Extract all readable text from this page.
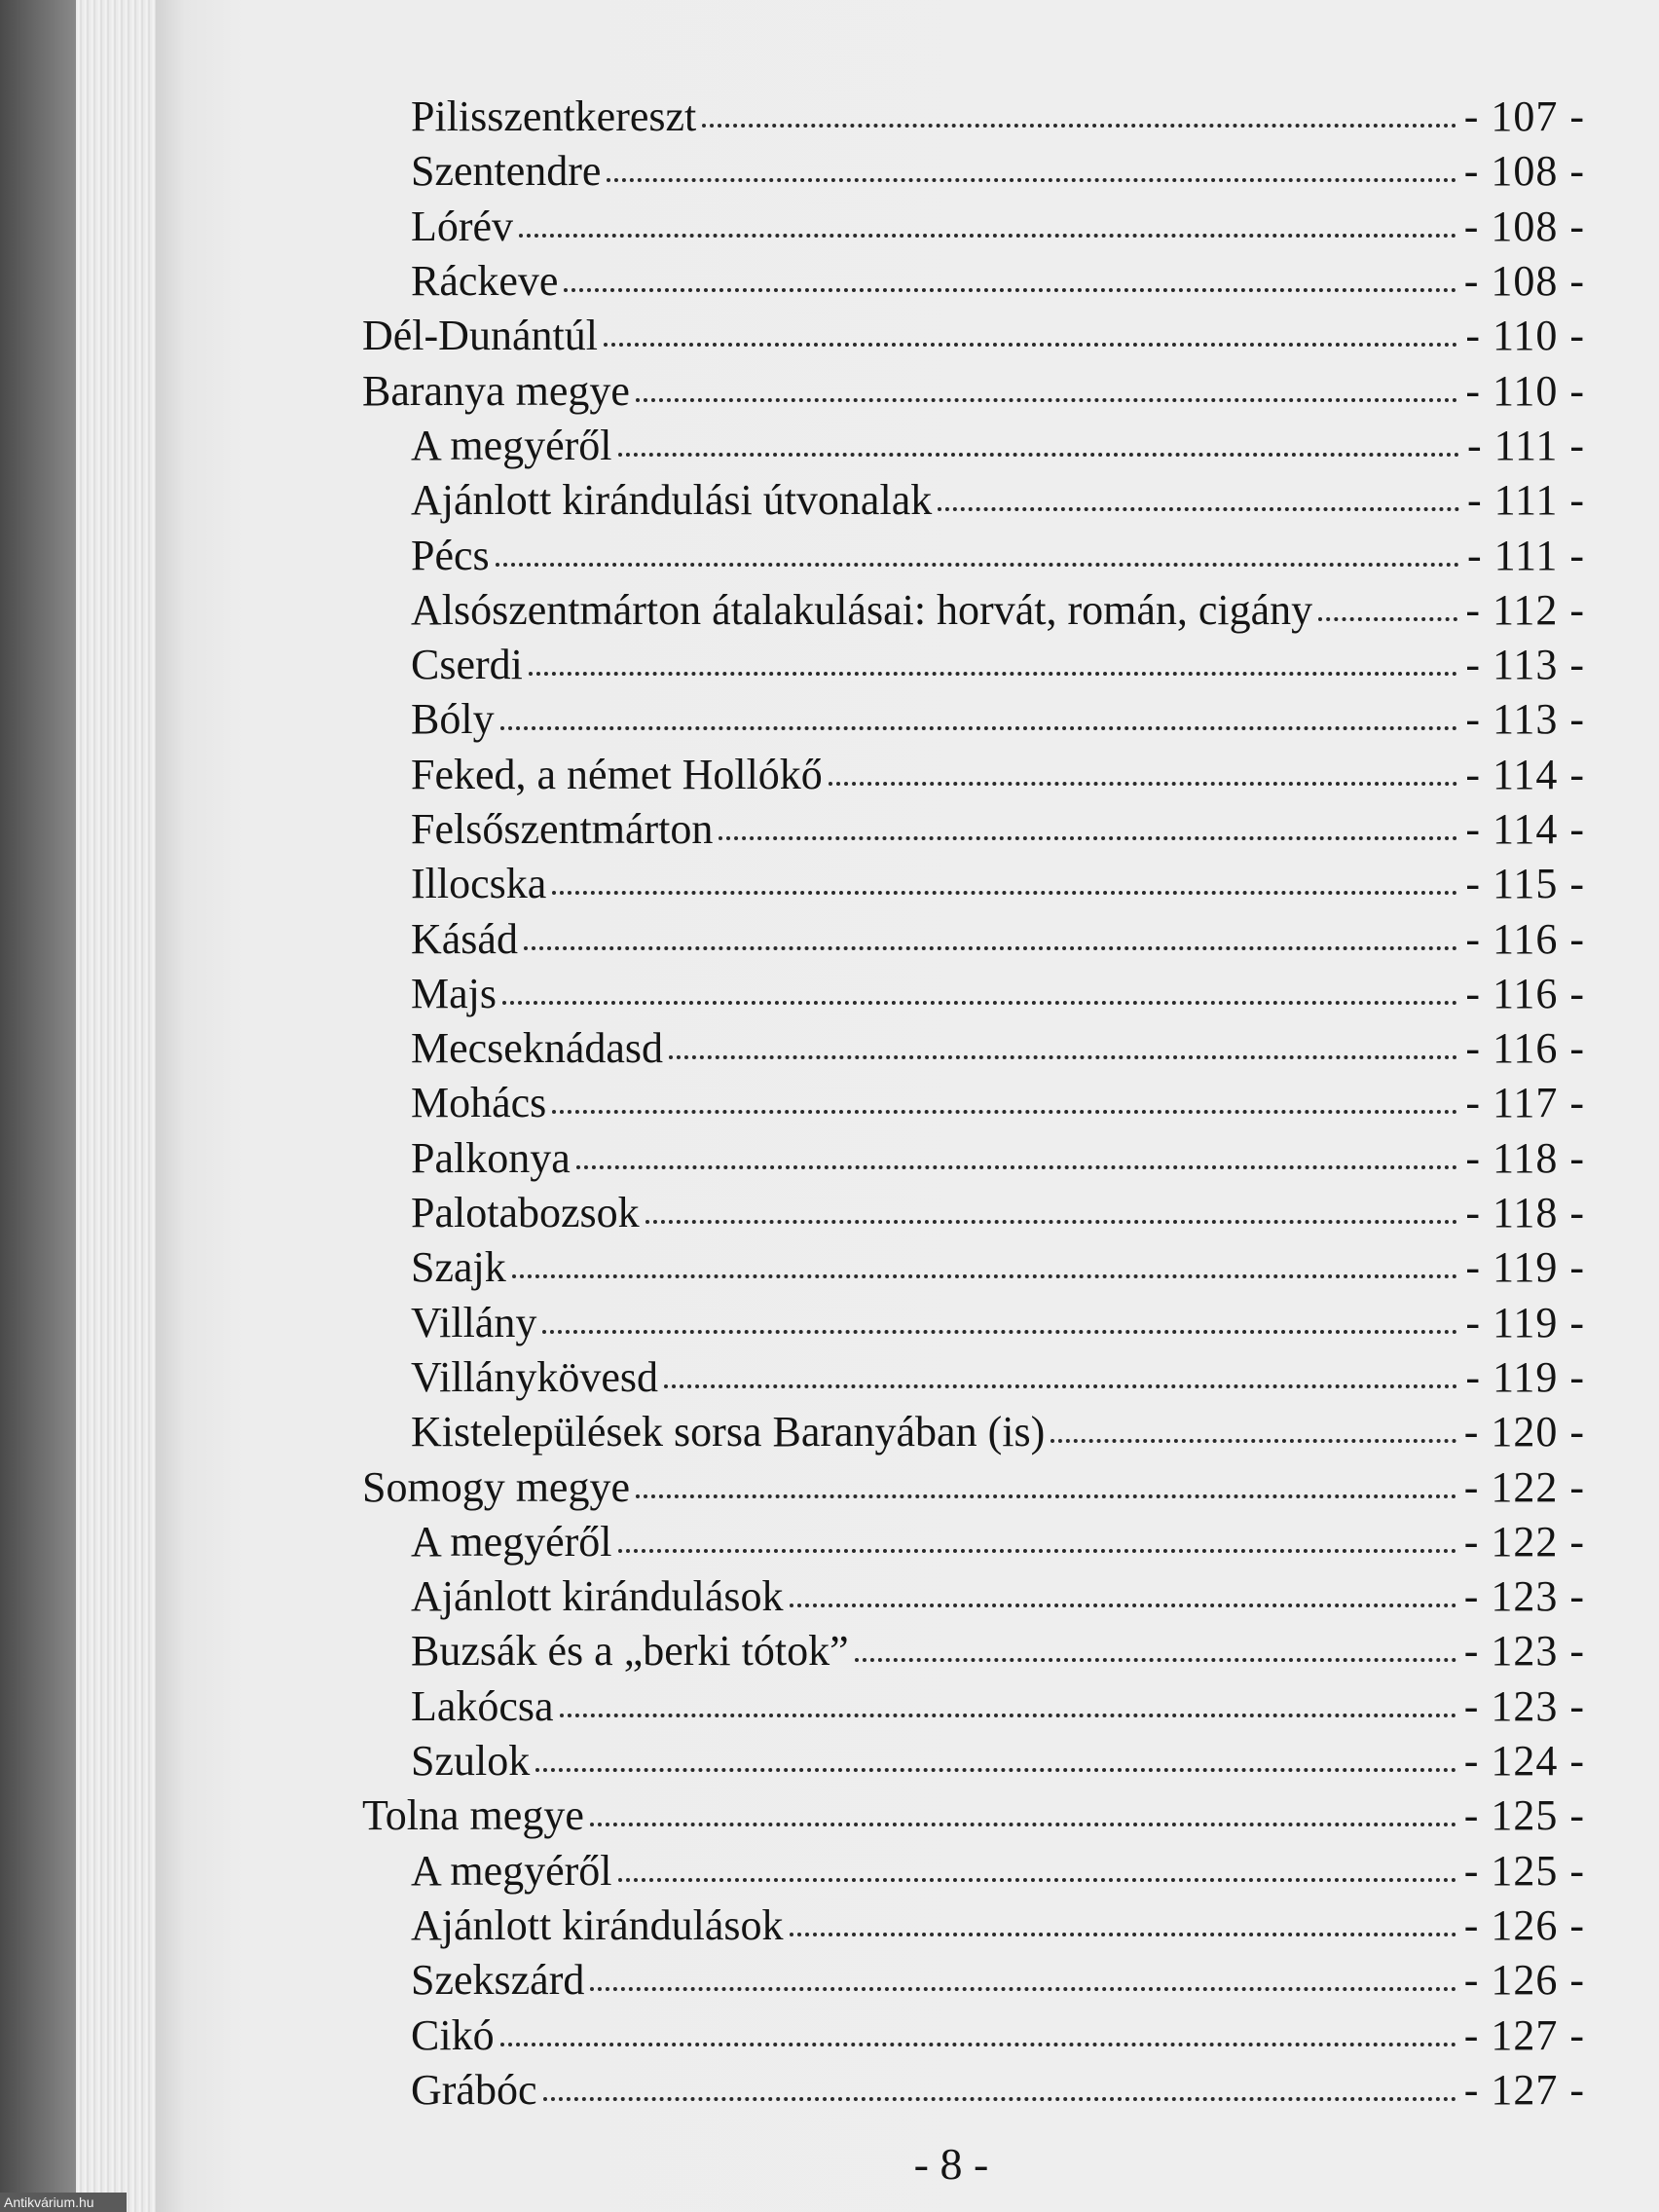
Pilisszentkereszt	- 107 -
Szentendre	- 108 -
Lórév	- 108 -
Ráckeve	- 108 -
Dél-Dunántúl	- 110 -
Baranya megye	- 110 -
A megyéről	- 111 -
Ajánlott kirándulási útvonalak	- 111 -
Pécs	- 111 -
Alsószentmárton átalakulásai: horvát, román, cigány	- 112 -
Cserdi	- 113 -
Bóly	- 113 -
Feked, a német Hollókő	- 114 -
Felsőszentmárton	- 114 -
Illocska	- 115 -
Kásád	- 116 -
Majs	- 116 -
Mecseknádasd	- 116 -
Mohács	- 117 -
Palkonya	- 118 -
Palotabozsok	- 118 -
Szajk	- 119 -
Villány	- 119 -
Villánykövesd	- 119 -
Kistelepülések sorsa Baranyában (is)	- 120 -
Somogy megye	- 122 -
A megyéről	- 122 -
Ajánlott kirándulások	- 123 -
Buzsák és a „berki tótok”	- 123 -
Lakócsa	- 123 -
Szulok	- 124 -
Tolna megye	- 125 -
A megyéről	- 125 -
Ajánlott kirándulások	- 126 -
Szekszárd	- 126 -
Cikó	- 127 -
Grábóc	- 127 -
- 8 -
Antikvárium.hu
